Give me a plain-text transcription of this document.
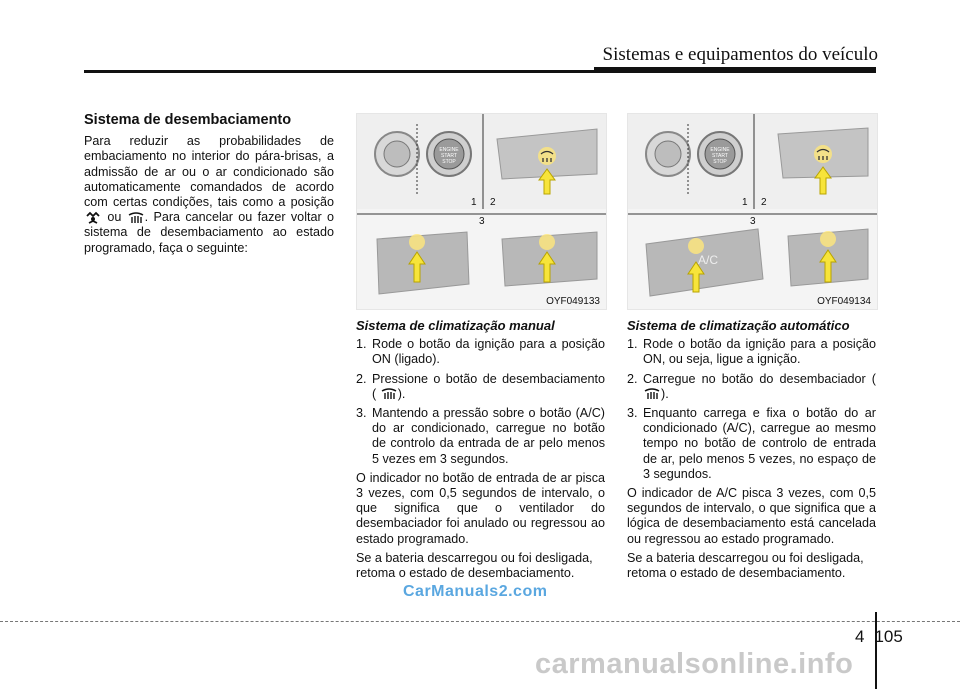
Sistemas e equipamentos do veículo
Sistema de desembaciamento

Para reduzir as probabilidades de embaciamento no interior do pára-brisas, a admissão de ar ou o ar condicionado são automaticamente comandados de acordo com certas condições, tais como a posição  ou . Para cancelar ou fazer voltar o sistema de desembaciamento ao estado programado, faça o seguinte:

ENGINE
START
STOP
1 2
3
OYF049133
ENGINE
START
STOP
A/C
1 2
3
OYF049134
Sistema de climatização manual
1. Rode o botão da ignição para a posição ON (ligado).
2. Pressione o botão de desembaciamento ( ).
3. Mantendo a pressão sobre o botão (A/C) do ar condicionado, carregue no botão de controlo da entrada de ar pelo menos 5 vezes em 3 segundos.

O indicador no botão de entrada de ar pisca 3 vezes, com 0,5 segundos de intervalo, o que significa que o ventilador do desembaciador foi anulado ou regressou ao estado programado.

Se a bateria descarregou ou foi desligada, retoma o estado de desembaciamento.

Sistema de climatização automático
1. Rode o botão da ignição para a posição ON, ou seja, ligue a ignição.
2. Carregue no botão do desembaciador ( ).
3. Enquanto carrega e fixa o botão do ar condicionado (A/C), carregue ao mesmo tempo no botão de controlo de entrada de ar, pelo menos 5 vezes, no espaço de 3 segundos.

O indicador de A/C pisca 3 vezes, com 0,5 segundos de intervalo, o que significa que a lógica de desembaciamento está cancelada ou regressou ao estado programado.

Se a bateria descarregou ou foi desligada, retoma o estado de desembaciamento.

CarManuals2.com
carmanualsonline.info
4 105
